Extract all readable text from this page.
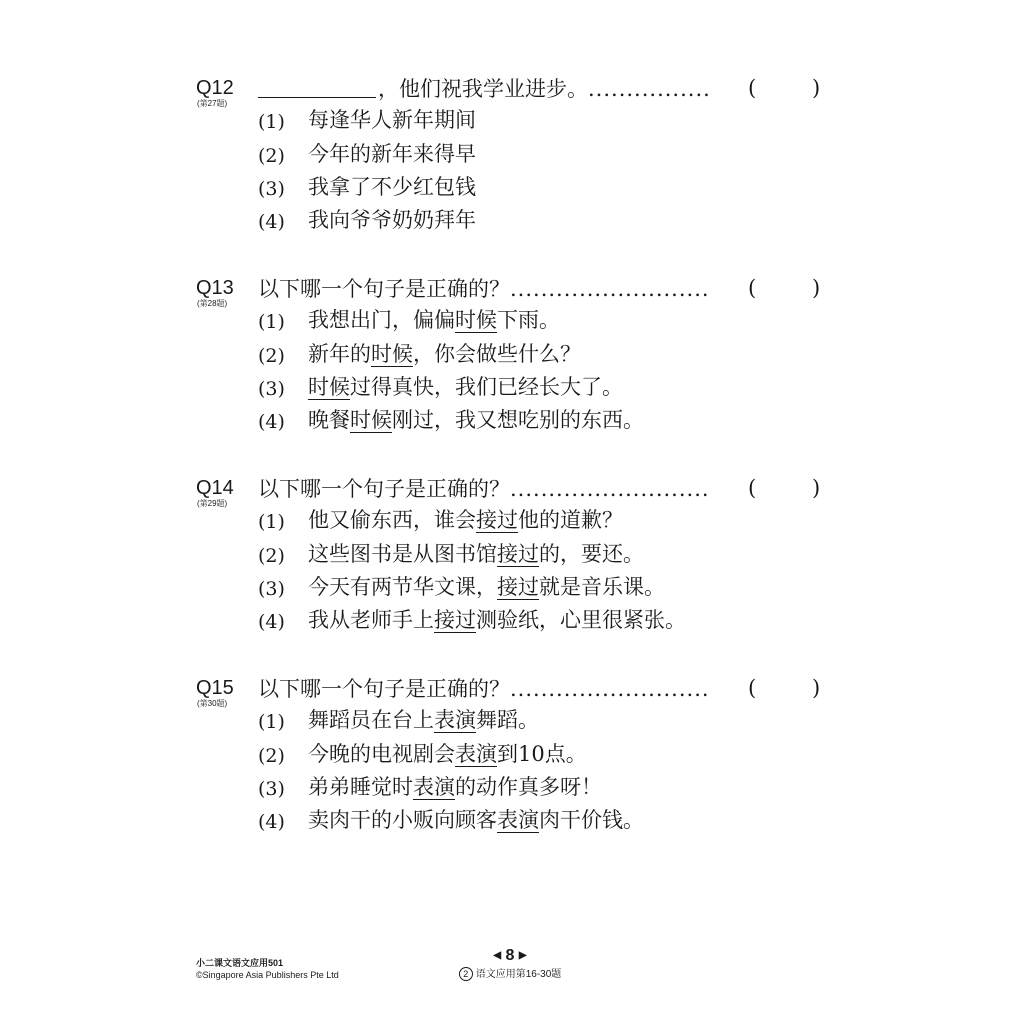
Q12
(第27题)
，他们祝我学业进步。................	(	)
(1) 每逢华人新年期间
(2) 今年的新年来得早
(3) 我拿了不少红包钱
(4) 我向爷爷奶奶拜年
Q13
(第28题)
以下哪一个句子是正确的？..........................	(	)
(1) 我想出门，偏偏时候下雨。
(2) 新年的时候，你会做些什么？
(3) 时候过得真快，我们已经长大了。
(4) 晚餐时候刚过，我又想吃别的东西。
Q14
(第29题)
以下哪一个句子是正确的？..........................	(	)
(1) 他又偷东西，谁会接过他的道歉？
(2) 这些图书是从图书馆接过的，要还。
(3) 今天有两节华文课，接过就是音乐课。
(4) 我从老师手上接过测验纸，心里很紧张。
Q15
(第30题)
以下哪一个句子是正确的？..........................	(	)
(1) 舞蹈员在台上表演舞蹈。
(2) 今晚的电视剧会表演到10点。
(3) 弟弟睡觉时表演的动作真多呀！
(4) 卖肉干的小贩向顾客表演肉干价钱。
小二课文语文应用501
©Singapore Asia Publishers Pte Ltd
◀ 8 ▶
2 语文应用第16-30题
